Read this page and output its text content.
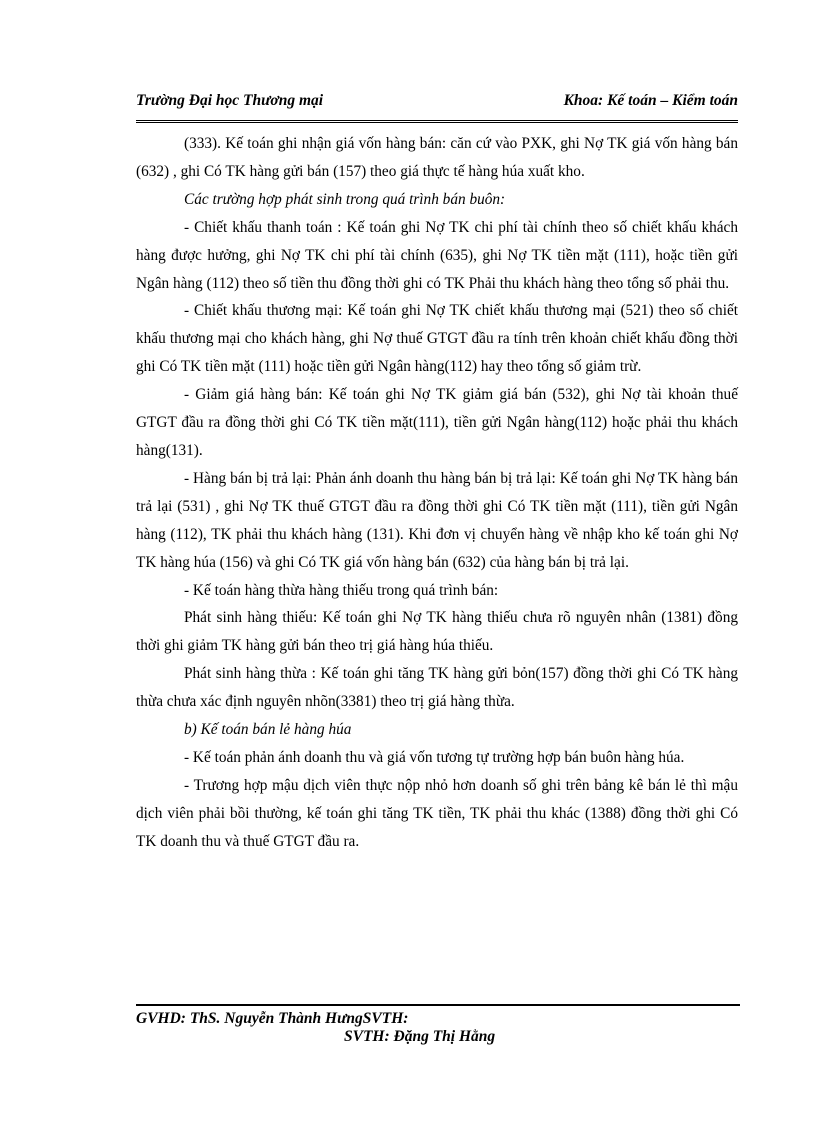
Trường Đại học Thương mại	Khoa: Kế toán – Kiểm toán

(333). Kế toán ghi nhận giá vốn hàng bán: căn cứ vào PXK, ghi Nợ TK giá vốn hàng bán (632) , ghi Có TK hàng gửi bán (157) theo giá thực tế hàng húa xuất kho.

Các trường hợp phát sinh trong quá trình bán buôn:

- Chiết khấu thanh toán : Kế toán ghi Nợ TK chi phí tài chính theo số chiết khấu khách hàng được hưởng, ghi Nợ TK chi phí tài chính (635), ghi Nợ TK tiền mặt (111), hoặc tiền gửi Ngân hàng (112) theo số tiền thu đồng thời ghi có TK Phải thu khách hàng theo tổng số phải thu.

- Chiết khấu thương mại: Kế toán ghi Nợ TK chiết khấu thương mại (521) theo số chiết khấu thương mại cho khách hàng, ghi Nợ thuế GTGT đầu ra tính trên khoản chiết khấu đồng thời ghi Có TK tiền mặt (111) hoặc tiền gửi Ngân hàng(112) hay theo tổng số giảm trừ.

- Giảm giá hàng bán: Kế toán ghi Nợ TK giảm giá bán (532), ghi Nợ tài khoản thuế GTGT đầu ra đồng thời ghi Có TK tiền mặt(111), tiền gửi Ngân hàng(112) hoặc phải thu khách hàng(131).

- Hàng bán bị trả lại: Phản ánh doanh thu hàng bán bị trả lại: Kế toán ghi Nợ TK hàng bán trả lại (531) , ghi Nợ TK thuế GTGT đầu ra đồng thời ghi Có TK tiền mặt (111), tiền gửi Ngân hàng (112), TK phải thu khách hàng (131). Khi đơn vị chuyển hàng về nhập kho kế toán ghi Nợ TK hàng húa (156) và ghi Có TK giá vốn hàng bán (632) của hàng bán bị trả lại.

- Kế toán hàng thừa hàng thiếu trong quá trình bán:

Phát sinh hàng thiếu: Kế toán ghi Nợ TK hàng thiếu chưa rõ nguyên nhân (1381) đồng thời ghi giảm TK hàng gửi bán theo trị giá hàng húa thiếu.

Phát sinh hàng thừa : Kế toán ghi tăng TK hàng gửi bỏn(157) đồng thời ghi Có TK hàng thừa chưa xác định nguyên nhõn(3381) theo trị giá hàng thừa.

b) Kế toán bán lẻ hàng húa

- Kế toán phản ánh doanh thu và giá vốn tương tự trường hợp bán buôn hàng húa.

- Trương hợp mậu dịch viên thực nộp nhỏ hơn doanh số ghi trên bảng kê bán lẻ thì mậu dịch viên phải bồi thường, kế toán ghi tăng TK tiền, TK phải thu khác (1388) đồng thời ghi Có TK doanh thu và thuế GTGT đầu ra.

GVHD: ThS. Nguyễn Thành HưngSVTH:
SVTH: Đặng Thị Hằng
